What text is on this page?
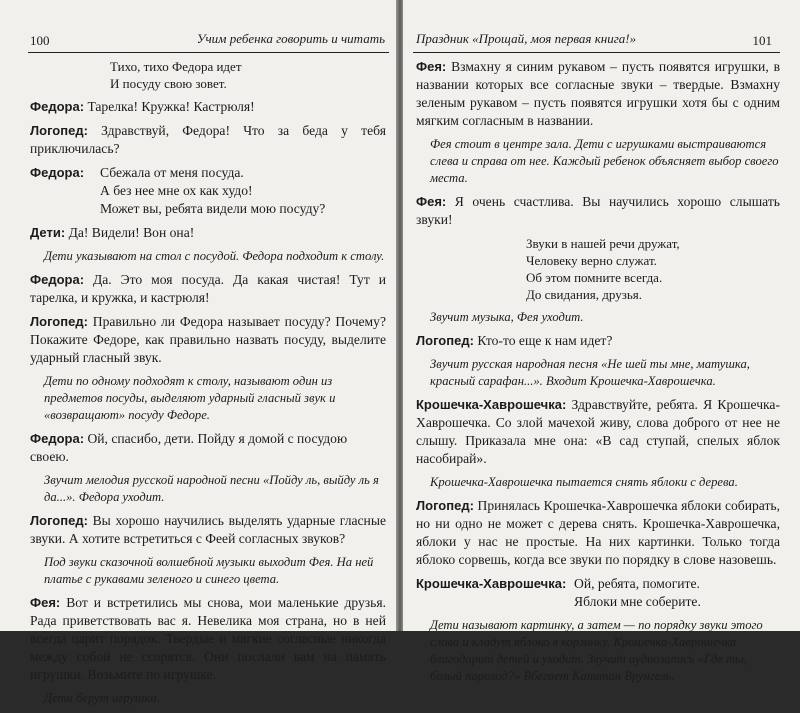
100	Учим ребенка говорить и читать
Тихо, тихо Федора идет
И посуду свою зовет.
Федора: Тарелка! Кружка! Кастрюля!
Логопед: Здравствуй, Федора! Что за беда у тебя приключилась?
Федора:	Сбежала от меня посуда.
А без нее мне ох как худо!
Может вы, ребята видели мою посуду?
Дети: Да! Видели! Вон она!
Дети указывают на стол с посудой. Федора подходит к столу.
Федора: Да. Это моя посуда. Да какая чистая! Тут и тарелка, и кружка, и кастрюля!
Логопед: Правильно ли Федора называет посуду? Почему? Покажите Федоре, как правильно назвать посуду, выделите ударный гласный звук.
Дети по одному подходят к столу, называют один из предметов посуды, выделяют ударный гласный звук и «возвращают» посуду Федоре.
Федора: Ой, спасибо, дети. Пойду я домой с посудою своею.
Звучит мелодия русской народной песни «Пойду ль, выйду ль я да...». Федора уходит.
Логопед: Вы хорошо научились выделять ударные гласные звуки. А хотите встретиться с Феей согласных звуков?
Под звуки сказочной волшебной музыки выходит Фея. На ней платье с рукавами зеленого и синего цвета.
Фея: Вот и встретились мы снова, мои маленькие друзья. Рада приветствовать вас я. Невелика моя страна, но в ней всегда царит порядок. Твердые и мягкие согласные никогда между собой не ссорятся. Они послали вам на память игрушки. Возьмите по игрушке.
Дети берут игрушки.
Праздник «Прощай, моя первая книга!»	101
Фея: Взмахну я синим рукавом – пусть появятся игрушки, в названии которых все согласные звуки – твердые. Взмахну зеленым рукавом – пусть появятся игрушки хотя бы с одним мягким согласным в названии.
Фея стоит в центре зала. Дети с игрушками выстраиваются слева и справа от нее. Каждый ребенок объясняет выбор своего места.
Фея: Я очень счастлива. Вы научились хорошо слышать звуки!
Звуки в нашей речи дружат,
Человеку верно служат.
Об этом помните всегда.
До свидания, друзья.
Звучит музыка, Фея уходит.
Логопед: Кто-то еще к нам идет?
Звучит русская народная песня «Не шей ты мне, матушка, красный сарафан...». Входит Крошечка-Хаврошечка.
Крошечка-Хаврошечка: Здравствуйте, ребята. Я Крошечка-Хаврошечка. Со злой мачехой живу, слова доброго от нее не слышу. Приказала мне она: «В сад ступай, спелых яблок насобирай».
Крошечка-Хаврошечка пытается снять яблоки с дерева.
Логопед: Принялась Крошечка-Хаврошечка яблоки собирать, но ни одно не может с дерева снять. Крошечка-Хаврошечка, яблоки у нас не простые. На них картинки. Только тогда яблоко сорвешь, когда все звуки по порядку в слове назовешь.
Крошечка-Хаврошечка: Ой, ребята, помогите.
Яблоки мне соберите.
Дети называют картинку, а затем — по порядку звуки этого слова и кладут яблоко в корзинку. Крошечка-Хаврошечка благодарит детей и уходит. Звучит аудиозапись «Где ты, белый пароход?» Вбегает Капитан Врунгель.
